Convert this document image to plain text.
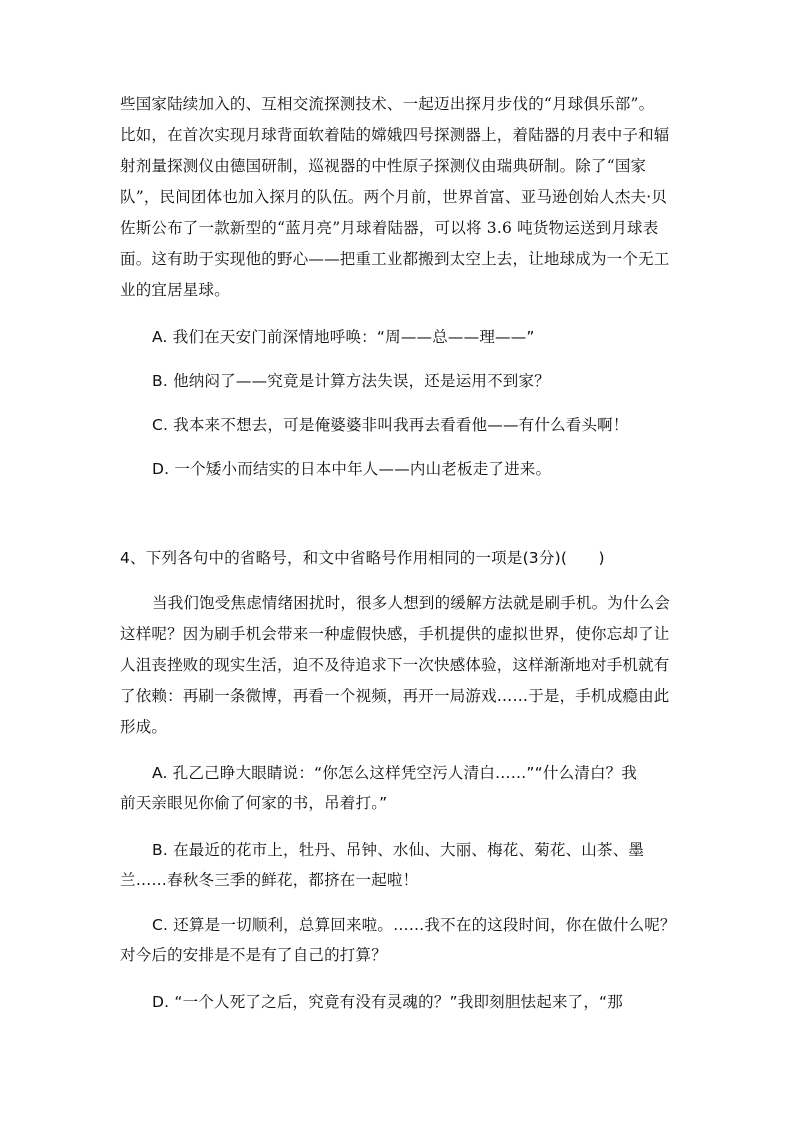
些国家陆续加入的、互相交流探测技术、一起迈出探月步伐的“月球俱乐部”。
比如，在首次实现月球背面软着陆的嫦娥四号探测器上，着陆器的月表中子和辐
射剂量探测仪由德国研制，巡视器的中性原子探测仪由瑞典研制。除了“国家
队”，民间团体也加入探月的队伍。两个月前，世界首富、亚马逊创始人杰夫·贝
佐斯公布了一款新型的“蓝月亮”月球着陆器，可以将 3.6 吨货物运送到月球表
面。这有助于实现他的野心——把重工业都搬到太空上去，让地球成为一个无工
业的宜居星球。
A. 我们在天安门前深情地呼唤：“周——总——理——”
B. 他纳闷了——究竟是计算方法失误，还是运用不到家？
C. 我本来不想去，可是俺婆婆非叫我再去看看他——有什么看头啊！
D. 一个矮小而结实的日本中年人——内山老板走了进来。
4、下列各句中的省略号，和文中省略号作用相同的一项是(3分)(　　)
当我们饱受焦虑情绪困扰时，很多人想到的缓解方法就是刷手机。为什么会
这样呢？因为刷手机会带来一种虚假快感，手机提供的虚拟世界，使你忘却了让
人沮丧挫败的现实生活，迫不及待追求下一次快感体验，这样渐渐地对手机就有
了依赖：再刷一条微博，再看一个视频，再开一局游戏……于是，手机成瘾由此
形成。
A. 孔乙己睁大眼睛说：“你怎么这样凭空污人清白……”“什么清白？我
前天亲眼见你偷了何家的书，吊着打。”
B. 在最近的花市上，牡丹、吊钟、水仙、大丽、梅花、菊花、山茶、墨
兰……春秋冬三季的鲜花，都挤在一起啦！
C. 还算是一切顺利，总算回来啦。……我不在的这段时间，你在做什么呢？
对今后的安排是不是有了自己的打算？
D. “一个人死了之后，究竟有没有灵魂的？”我即刻胆怯起来了，“那
